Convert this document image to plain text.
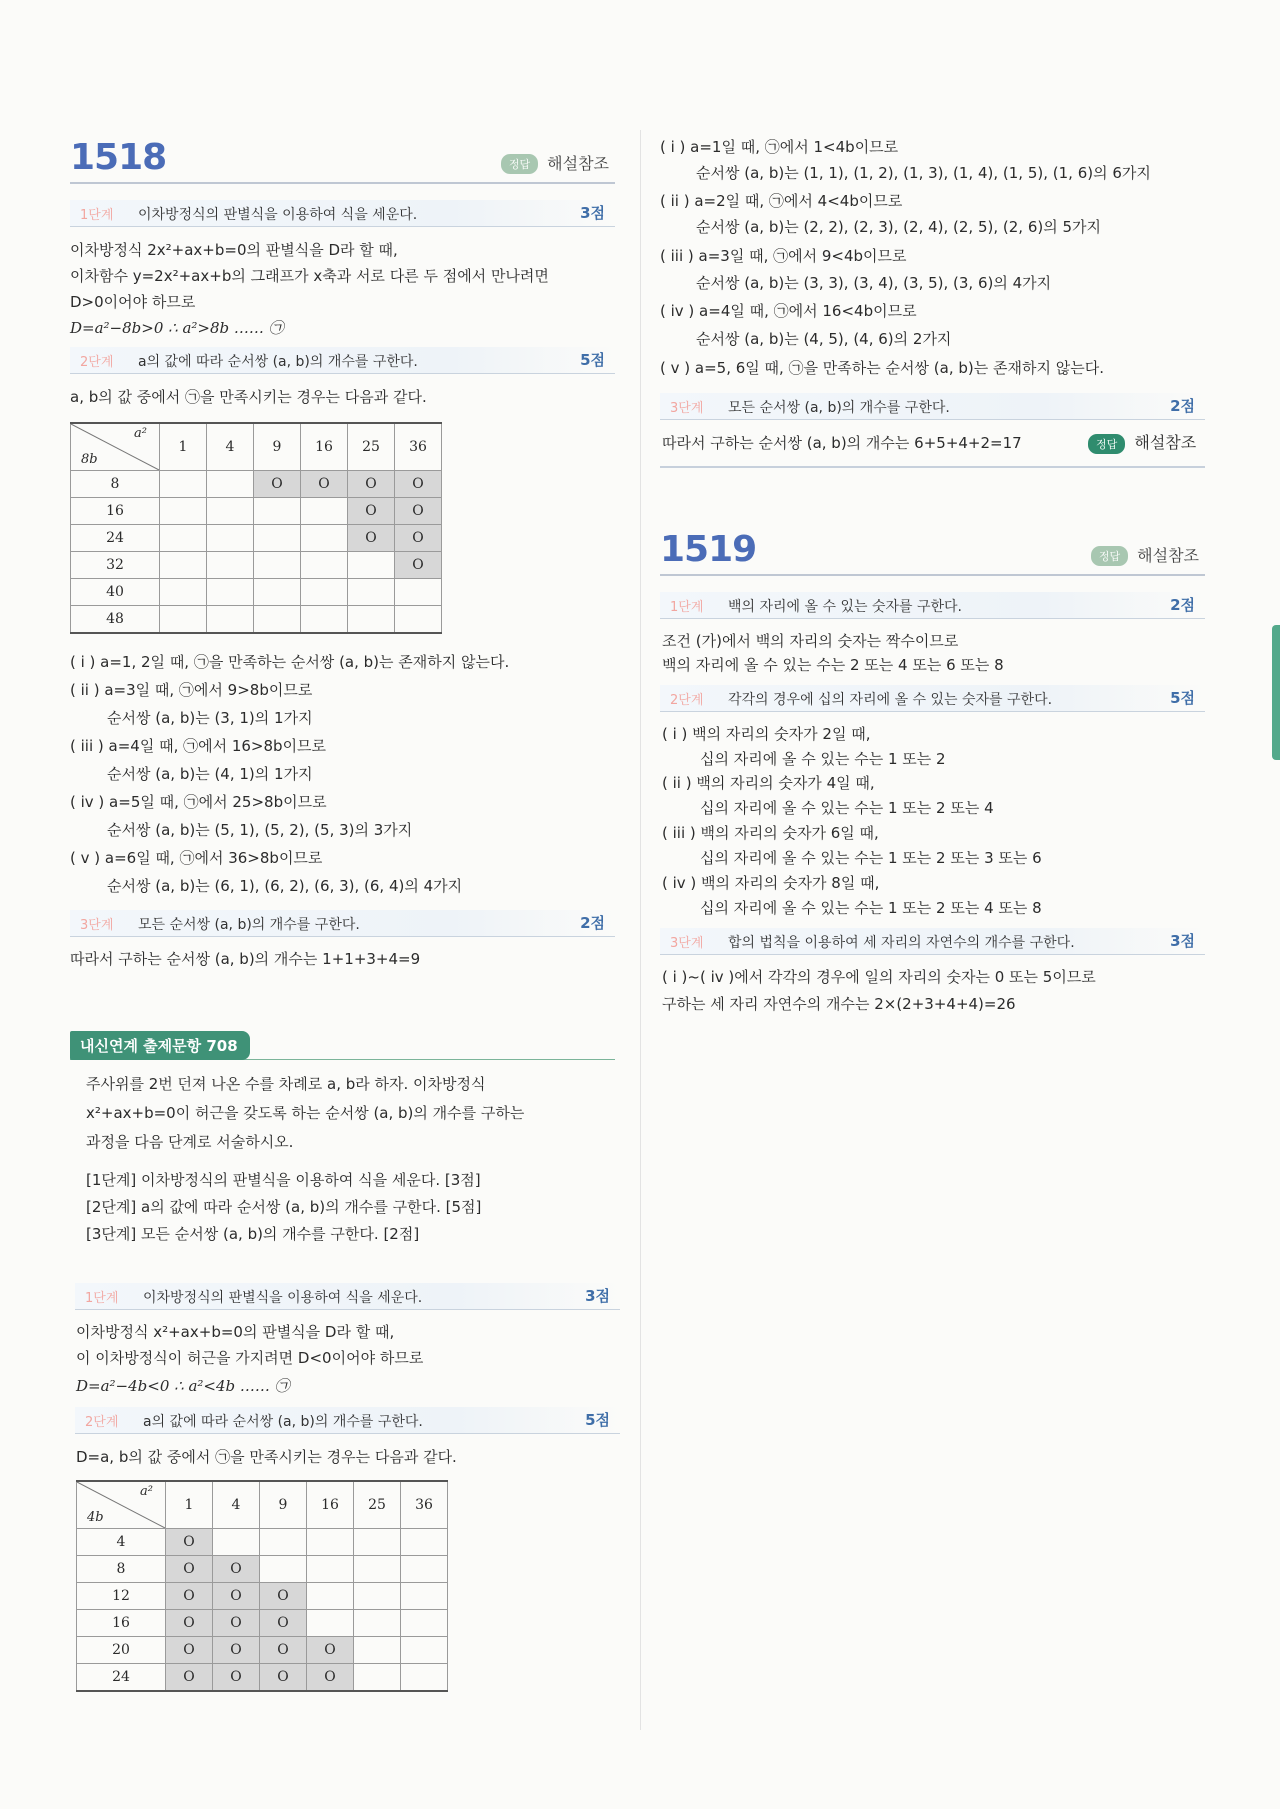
1518	정답 해설참조
1단계 이차방정식의 판별식을 이용하여 식을 세운다.	3점
이차방정식 2x²+ax+b=0의 판별식을 D라 할 때,
이차함수 y=2x²+ax+b의 그래프가 x축과 서로 다른 두 점에서 만나려면
D>0이어야 하므로
D=a²−8b>0 ∴ a²>8b …… ㉠
2단계 a의 값에 따라 순서쌍 (a, b)의 개수를 구한다.	5점
a, b의 값 중에서 ㉠을 만족시키는 경우는 다음과 같다.
a²
8b	1	4	9	16	25	36
8			O	O	O	O
16					O	O
24					O	O
32						O
40						
48						
( i ) a=1, 2일 때, ㉠을 만족하는 순서쌍 (a, b)는 존재하지 않는다.
( ii ) a=3일 때, ㉠에서 9>8b이므로
순서쌍 (a, b)는 (3, 1)의 1가지
( iii ) a=4일 때, ㉠에서 16>8b이므로
순서쌍 (a, b)는 (4, 1)의 1가지
( iv ) a=5일 때, ㉠에서 25>8b이므로
순서쌍 (a, b)는 (5, 1), (5, 2), (5, 3)의 3가지
( v ) a=6일 때, ㉠에서 36>8b이므로
순서쌍 (a, b)는 (6, 1), (6, 2), (6, 3), (6, 4)의 4가지
3단계 모든 순서쌍 (a, b)의 개수를 구한다.	2점
따라서 구하는 순서쌍 (a, b)의 개수는 1+1+3+4=9
내신연계 출제문항 708
주사위를 2번 던져 나온 수를 차례로 a, b라 하자. 이차방정식
x²+ax+b=0이 허근을 갖도록 하는 순서쌍 (a, b)의 개수를 구하는
과정을 다음 단계로 서술하시오.
[1단계] 이차방정식의 판별식을 이용하여 식을 세운다. [3점]
[2단계] a의 값에 따라 순서쌍 (a, b)의 개수를 구한다. [5점]
[3단계] 모든 순서쌍 (a, b)의 개수를 구한다. [2점]
1단계 이차방정식의 판별식을 이용하여 식을 세운다.	3점
이차방정식 x²+ax+b=0의 판별식을 D라 할 때,
이 이차방정식이 허근을 가지려면 D<0이어야 하므로
D=a²−4b<0 ∴ a²<4b …… ㉠
2단계 a의 값에 따라 순서쌍 (a, b)의 개수를 구한다.	5점
D=a, b의 값 중에서 ㉠을 만족시키는 경우는 다음과 같다.
a²
4b	1	4	9	16	25	36
4	O					
8	O	O				
12	O	O	O			
16	O	O	O			
20	O	O	O	O		
24	O	O	O	O		
( i ) a=1일 때, ㉠에서 1<4b이므로
순서쌍 (a, b)는 (1, 1), (1, 2), (1, 3), (1, 4), (1, 5), (1, 6)의 6가지
( ii ) a=2일 때, ㉠에서 4<4b이므로
순서쌍 (a, b)는 (2, 2), (2, 3), (2, 4), (2, 5), (2, 6)의 5가지
( iii ) a=3일 때, ㉠에서 9<4b이므로
순서쌍 (a, b)는 (3, 3), (3, 4), (3, 5), (3, 6)의 4가지
( iv ) a=4일 때, ㉠에서 16<4b이므로
순서쌍 (a, b)는 (4, 5), (4, 6)의 2가지
( v ) a=5, 6일 때, ㉠을 만족하는 순서쌍 (a, b)는 존재하지 않는다.
3단계 모든 순서쌍 (a, b)의 개수를 구한다.	2점
따라서 구하는 순서쌍 (a, b)의 개수는 6+5+4+2=17	정답 해설참조
1519	정답 해설참조
1단계 백의 자리에 올 수 있는 숫자를 구한다.	2점
조건 (가)에서 백의 자리의 숫자는 짝수이므로
백의 자리에 올 수 있는 수는 2 또는 4 또는 6 또는 8
2단계 각각의 경우에 십의 자리에 올 수 있는 숫자를 구한다.	5점
( i ) 백의 자리의 숫자가 2일 때,
십의 자리에 올 수 있는 수는 1 또는 2
( ii ) 백의 자리의 숫자가 4일 때,
십의 자리에 올 수 있는 수는 1 또는 2 또는 4
( iii ) 백의 자리의 숫자가 6일 때,
십의 자리에 올 수 있는 수는 1 또는 2 또는 3 또는 6
( iv ) 백의 자리의 숫자가 8일 때,
십의 자리에 올 수 있는 수는 1 또는 2 또는 4 또는 8
3단계 합의 법칙을 이용하여 세 자리의 자연수의 개수를 구한다.	3점
( i )~( iv )에서 각각의 경우에 일의 자리의 숫자는 0 또는 5이므로
구하는 세 자리 자연수의 개수는 2×(2+3+4+4)=26
